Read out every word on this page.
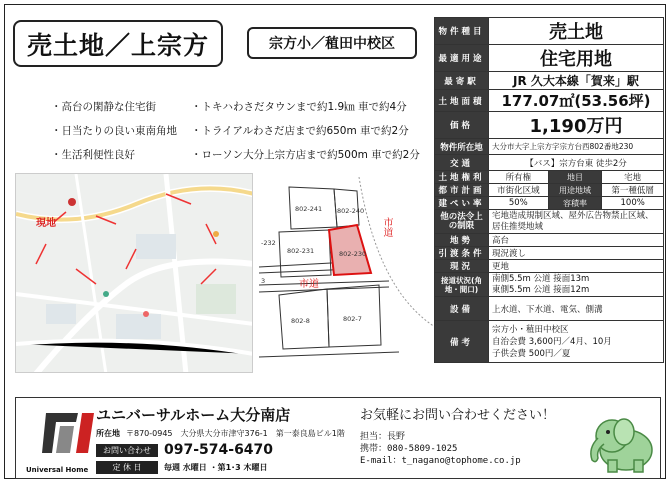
売土地／上宗方	宗方小／稙田中校区
・高台の閑静な住宅街	・トキハわさだタウンまで約1.9㎞ 車で約4分
・日当たりの良い東南角地 ・トライアルわさだ店まで約650m 車で約2分
・生活利便性良好	・ローソン大分上宗方店まで約500m 車で約2分
現地
802-241 802-240
802-231	802-230
802-8	802-7
-232
3	市道
市道
物件種目	売土地		
最適用途	住宅用地		
最寄駅	JR 久大本線「賀来」駅		
土地面積	177.07㎡(53.56坪)		
価格	1,190万円		
物件所在地	大分市大字上宗方字宗方台西802番地230		
交通	【バス】宗方台東 徒歩2分		
土地権利	所有権	地目	宅地
都市計画	市街化区域	用途地域	第一種低層
建ぺい率	50%	容積率	100%
他の法令上の制限	宅地造成規制区域、屋外広告物禁止区域、居住推奨地域		
地勢	高台		
引渡条件	現況渡し		
現況	更地		
接道状況(角地・間口)	南側5.5m 公道 接面13m
東側5.5m 公道 接面12m		

設備	上水道、下水道、電気、側溝		
備考	宗方小・稙田中校区
自治会費 3,600円／4月、10月
子供会費 500円／夏		
Universal Home
ユニバーサルホーム大分南店
所在地 〒870-0945　大分県大分市津守376-1　第一泰良島ビル1階
お問い合わせ 097-574-6470
定 休 日	毎週 水曜日 ・第1･3 木曜日
お気軽にお問い合わせください！
担当：長野
携帯：080-5809-1025
E-mail：t_nagano@tophome.co.jp
